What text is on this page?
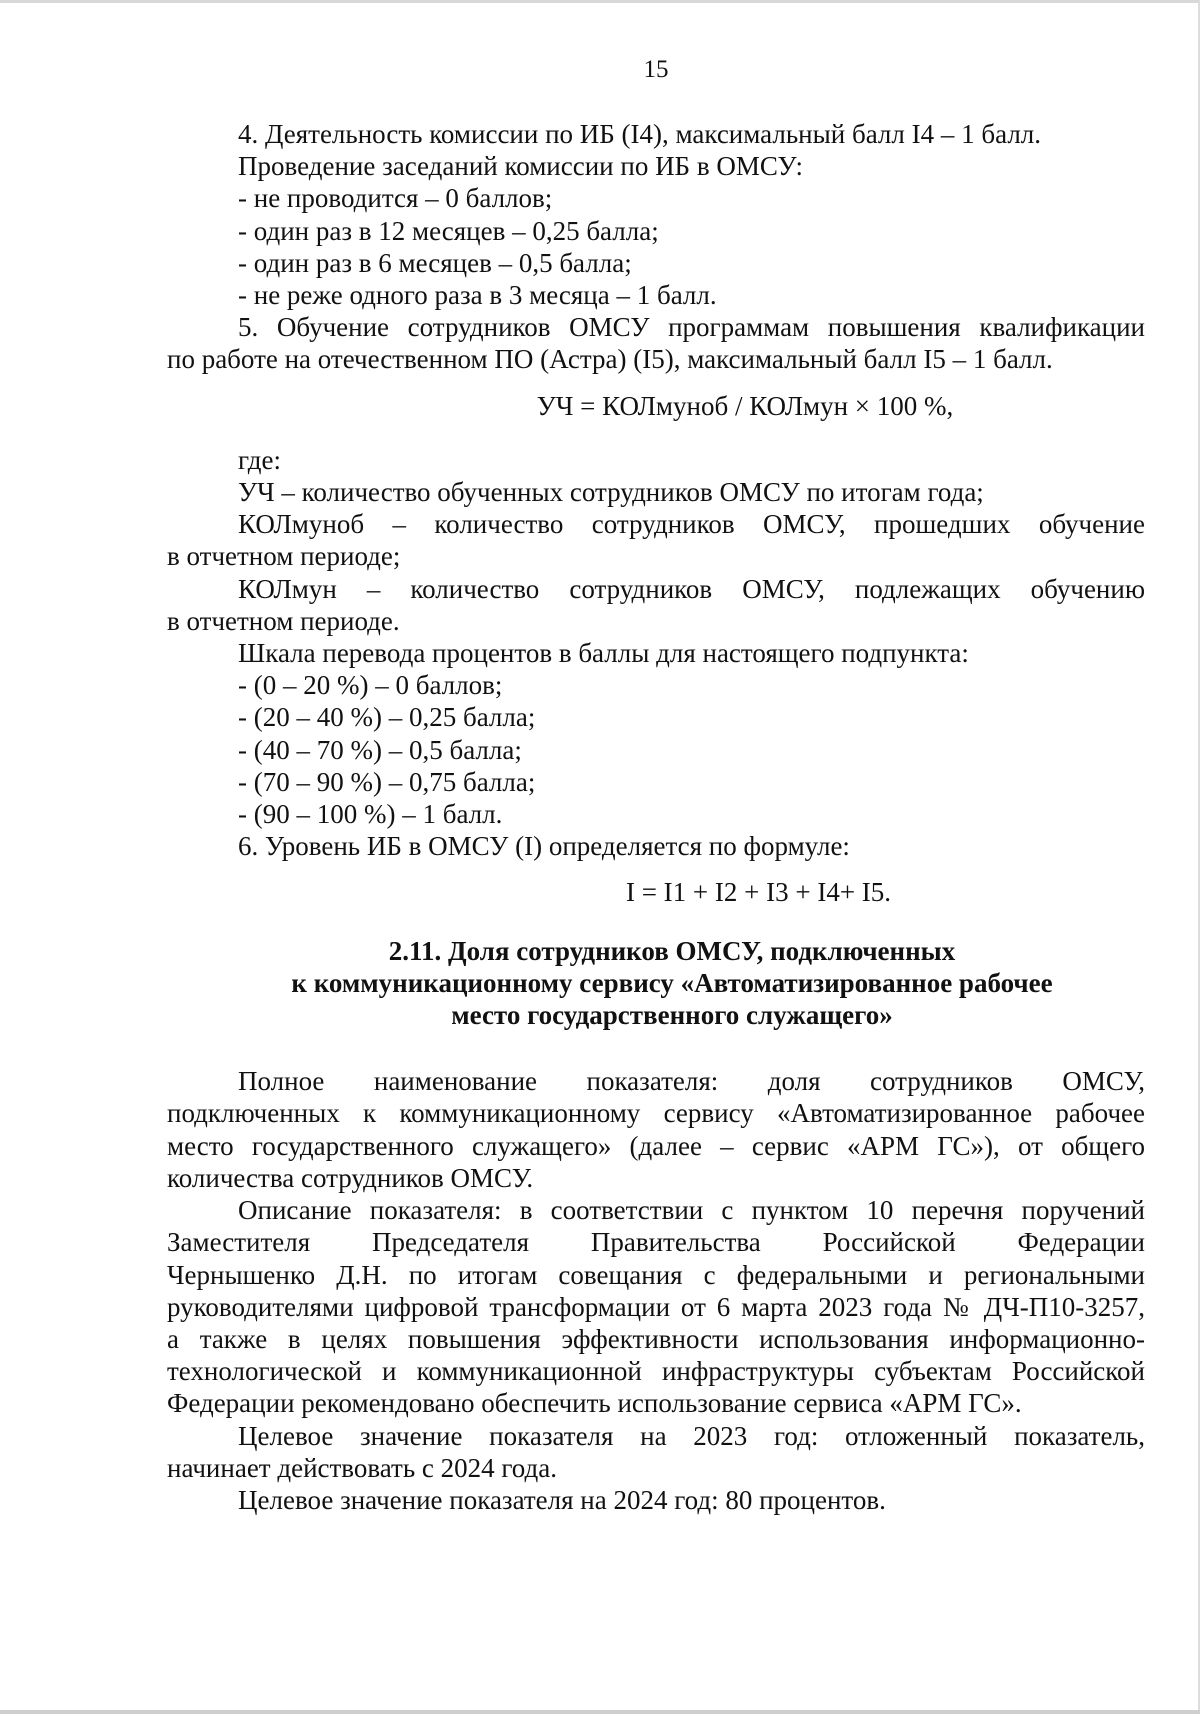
15
4. Деятельность комиссии по ИБ (I4), максимальный балл I4 – 1 балл.
Проведение заседаний комиссии по ИБ в ОМСУ:
- не проводится – 0 баллов;
- один раз в 12 месяцев – 0,25 балла;
- один раз в 6 месяцев – 0,5 балла;
- не реже одного раза в 3 месяца – 1 балл.
5. Обучение сотрудников ОМСУ программам повышения квалификации
по работе на отечественном ПО (Астра) (I5), максимальный балл I5 – 1 балл.
УЧ = КОЛмуноб / КОЛмун × 100 %,
где:
УЧ – количество обученных сотрудников ОМСУ по итогам года;
КОЛмуноб – количество сотрудников ОМСУ, прошедших обучение
в отчетном периоде;
КОЛмун – количество сотрудников ОМСУ, подлежащих обучению
в отчетном периоде.
Шкала перевода процентов в баллы для настоящего подпункта:
- (0 – 20 %) – 0 баллов;
- (20 – 40 %) – 0,25 балла;
- (40 – 70 %) – 0,5 балла;
- (70 – 90 %) – 0,75 балла;
- (90 – 100 %) – 1 балл.
6. Уровень ИБ в ОМСУ (I) определяется по формуле:
I = I1 + I2 + I3 + I4+ I5.
2.11. Доля сотрудников ОМСУ, подключенных
к коммуникационному сервису «Автоматизированное рабочее
место государственного служащего»
Полное наименование показателя: доля сотрудников ОМСУ,
подключенных к коммуникационному сервису «Автоматизированное рабочее
место государственного служащего» (далее – сервис «АРМ ГС»), от общего
количества сотрудников ОМСУ.
Описание показателя: в соответствии с пунктом 10 перечня поручений
Заместителя Председателя Правительства Российской Федерации
Чернышенко Д.Н. по итогам совещания с федеральными и региональными
руководителями цифровой трансформации от 6 марта 2023 года № ДЧ-П10-3257,
а также в целях повышения эффективности использования информационно-
технологической и коммуникационной инфраструктуры субъектам Российской
Федерации рекомендовано обеспечить использование сервиса «АРМ ГС».
Целевое значение показателя на 2023 год: отложенный показатель,
начинает действовать с 2024 года.
Целевое значение показателя на 2024 год: 80 процентов.
